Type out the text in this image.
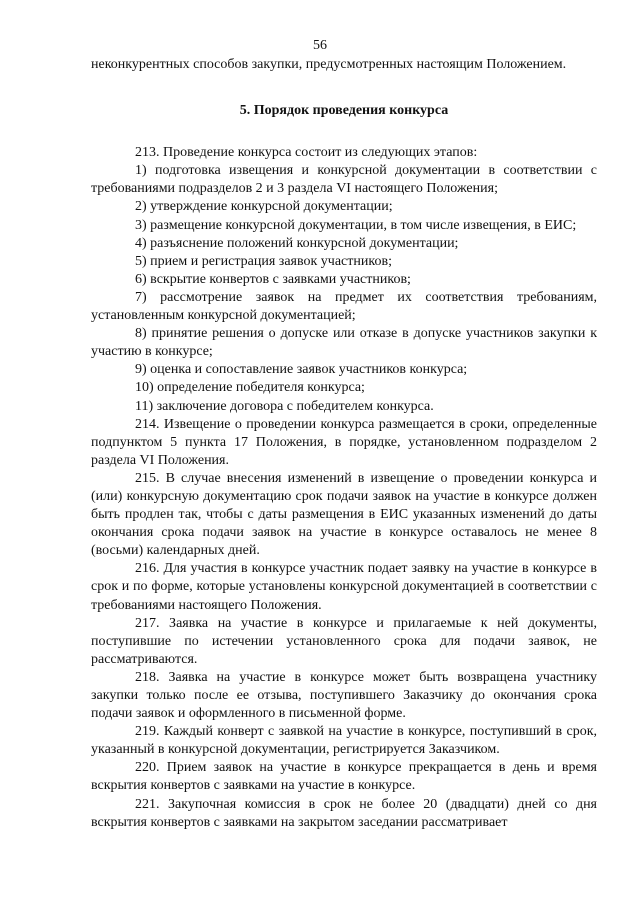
56

неконкурентных способов закупки, предусмотренных настоящим Положением.

5. Порядок проведения конкурса

213. Проведение конкурса состоит из следующих этапов:

1) подготовка извещения и конкурсной документации в соответствии с требованиями подразделов 2 и 3 раздела VI настоящего Положения;

2) утверждение конкурсной документации;

3) размещение конкурсной документации, в том числе извещения, в ЕИС;

4) разъяснение положений конкурсной документации;

5) прием и регистрация заявок участников;

6) вскрытие конвертов с заявками участников;

7) рассмотрение заявок на предмет их соответствия требованиям, установленным конкурсной документацией;

8) принятие решения о допуске или отказе в допуске участников закупки к участию в конкурсе;

9) оценка и сопоставление заявок участников конкурса;

10) определение победителя конкурса;

11) заключение договора с победителем конкурса.

214. Извещение о проведении конкурса размещается в сроки, определенные подпунктом 5 пункта 17 Положения, в порядке, установленном подразделом 2 раздела VI Положения.

215. В случае внесения изменений в извещение о проведении конкурса и (или) конкурсную документацию срок подачи заявок на участие в конкурсе должен быть продлен так, чтобы с даты размещения в ЕИС указанных изменений до даты окончания срока подачи заявок на участие в конкурсе оставалось не менее 8 (восьми) календарных дней.

216. Для участия в конкурсе участник подает заявку на участие в конкурсе в срок и по форме, которые установлены конкурсной документацией в соответствии с требованиями настоящего Положения.

217. Заявка на участие в конкурсе и прилагаемые к ней документы, поступившие по истечении установленного срока для подачи заявок, не рассматриваются.

218. Заявка на участие в конкурсе может быть возвращена участнику закупки только после ее отзыва, поступившего Заказчику до окончания срока подачи заявок и оформленного в письменной форме.

219. Каждый конверт с заявкой на участие в конкурсе, поступивший в срок, указанный в конкурсной документации, регистрируется Заказчиком.

220. Прием заявок на участие в конкурсе прекращается в день и время вскрытия конвертов с заявками на участие в конкурсе.

221. Закупочная комиссия в срок не более 20 (двадцати) дней со дня вскрытия конвертов с заявками на закрытом заседании рассматривает
